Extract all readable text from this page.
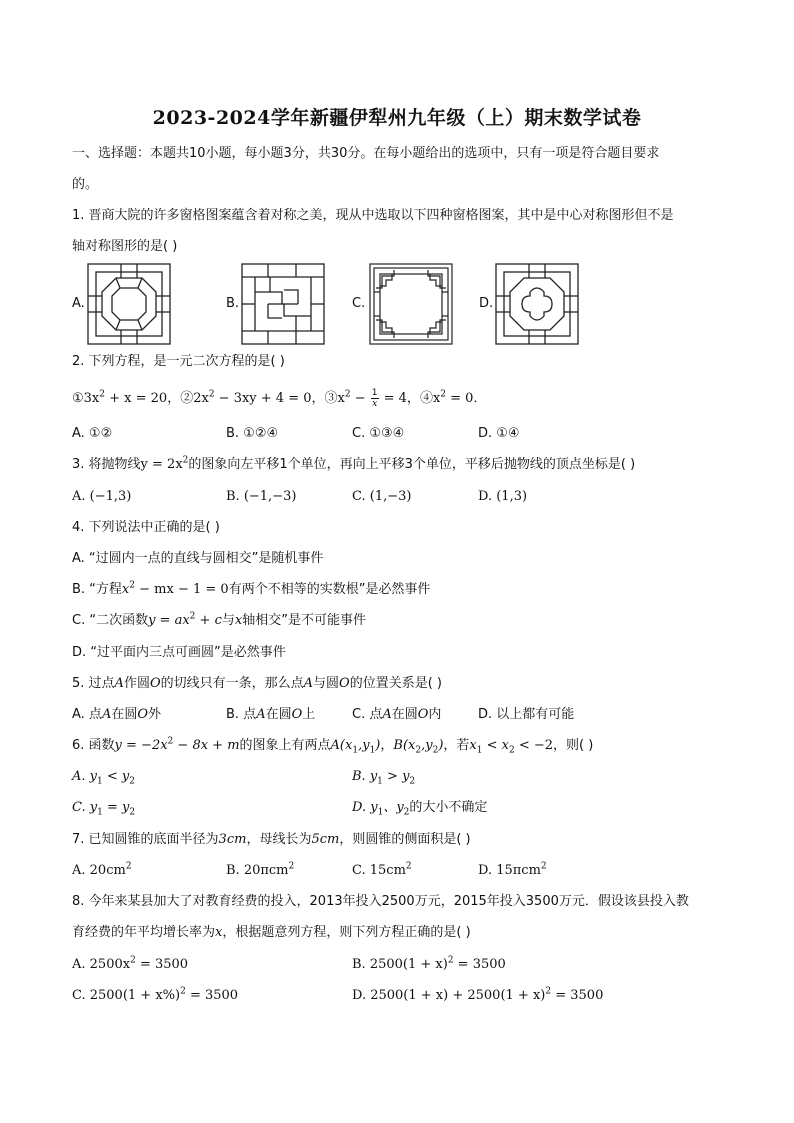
2023-2024学年新疆伊犁州九年级（上）期末数学试卷
一、选择题：本题共10小题，每小题3分，共30分。在每小题给出的选项中，只有一项是符合题目要求
的。
1. 晋商大院的许多窗格图案蕴含着对称之美，现从中选取以下四种窗格图案，其中是中心对称图形但不是
轴对称图形的是( )
A.	B.	C.	D.
2. 下列方程，是一元二次方程的是( )
$①3x^2 + x = 20$，$②2x^2 - 3xy + 4 = 0$，$③x^2 - \frac{1}{x} = 4$，$④x^2 = 0$．
A. ①②	B. ①②④	C. ①③④	D. ①④
3. 将抛物线$y = 2x^2$的图象向左平移1个单位，再向上平移3个单位，平移后抛物线的顶点坐标是( )
A. (−1,3)	B. (−1,−3)	C. (1,−3)	D. (1,3)
4. 下列说法中正确的是( )
A. “过圆内一点的直线与圆相交”是随机事件
B. “方程$x^2$ − mx − 1 = 0有两个不相等的实数根”是必然事件
C. “二次函数$y = ax^2 + c$与x轴相交”是不可能事件
D. “过平面内三点可画圆”是必然事件
5. 过点A作圆O的切线只有一条，那么点A与圆O的位置关系是( )
A. 点A在圆O外	B. 点A在圆O上	C. 点A在圆O内	D. 以上都有可能
6. 函数$y = -2x^2 - 8x + m$的图象上有两点$A(x_1,y_1)$，$B(x_2,y_2)$，若$x_1 < x_2 < -2$，则( )
A. $y_1 < y_2$	B. $y_1 > y_2$
C. $y_1 = y_2$	D. $y_1$、$y_2$的大小不确定
7. 已知圆锥的底面半径为3cm，母线长为5cm，则圆锥的侧面积是( )
A. $20cm^2$	B. 20πcm$^2$	C. $15cm^2$	D. 15πcm$^2$
8. 今年来某县加大了对教育经费的投入，2013年投入2500万元，2015年投入3500万元．假设该县投入教
育经费的年平均增长率为x，根据题意列方程，则下列方程正确的是( )
A. $2500x^2 = 3500$	B. $2500(1 + x)^2 = 3500$
C. $2500(1 + x\%)^2 = 3500$	D. $2500(1 + x) + 2500(1 + x)^2 = 3500$
